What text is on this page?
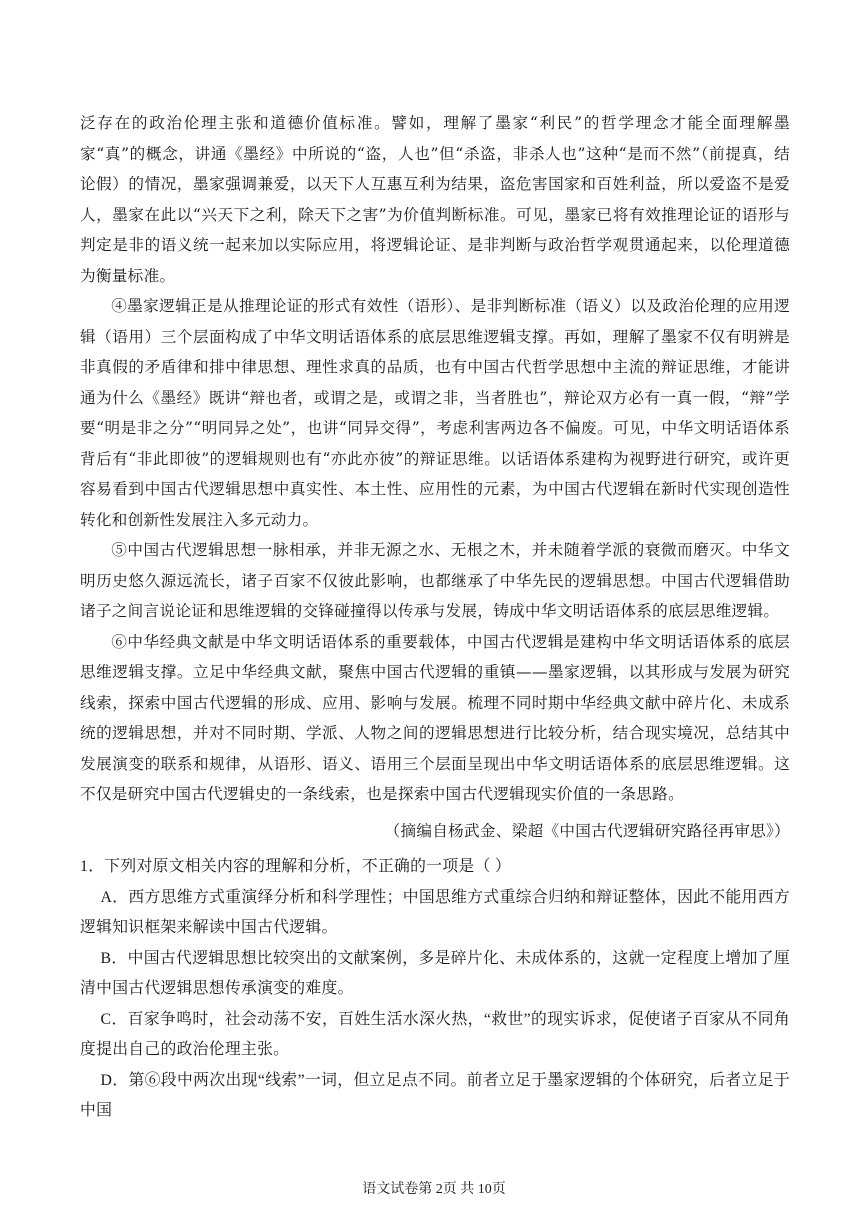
泛存在的政治伦理主张和道德价值标准。譬如，理解了墨家“利民”的哲学理念才能全面理解墨家“真”的概念，讲通《墨经》中所说的“盗，人也”但“杀盗，非杀人也”这种“是而不然”（前提真，结论假）的情况，墨家强调兼爱，以天下人互惠互利为结果，盗危害国家和百姓利益，所以爱盗不是爱人，墨家在此以“兴天下之利，除天下之害”为价值判断标准。可见，墨家已将有效推理论证的语形与判定是非的语义统一起来加以实际应用，将逻辑论证、是非判断与政治哲学观贯通起来，以伦理道德为衡量标准。

④墨家逻辑正是从推理论证的形式有效性（语形）、是非判断标准（语义）以及政治伦理的应用逻辑（语用）三个层面构成了中华文明话语体系的底层思维逻辑支撑。再如，理解了墨家不仅有明辨是非真假的矛盾律和排中律思想、理性求真的品质，也有中国古代哲学思想中主流的辩证思维，才能讲通为什么《墨经》既讲“辩也者，或谓之是，或谓之非，当者胜也”，辩论双方必有一真一假，“辩”学要“明是非之分”“明同异之处”，也讲“同异交得”，考虑利害两边各不偏废。可见，中华文明话语体系背后有“非此即彼”的逻辑规则也有“亦此亦彼”的辩证思维。以话语体系建构为视野进行研究，或许更容易看到中国古代逻辑思想中真实性、本土性、应用性的元素，为中国古代逻辑在新时代实现创造性转化和创新性发展注入多元动力。

⑤中国古代逻辑思想一脉相承，并非无源之水、无根之木，并未随着学派的衰微而磨灭。中华文明历史悠久源远流长，诸子百家不仅彼此影响，也都继承了中华先民的逻辑思想。中国古代逻辑借助诸子之间言说论证和思维逻辑的交锋碰撞得以传承与发展，铸成中华文明话语体系的底层思维逻辑。

⑥中华经典文献是中华文明话语体系的重要载体，中国古代逻辑是建构中华文明话语体系的底层思维逻辑支撑。立足中华经典文献，聚焦中国古代逻辑的重镇——墨家逻辑，以其形成与发展为研究线索，探索中国古代逻辑的形成、应用、影响与发展。梳理不同时期中华经典文献中碎片化、未成系统的逻辑思想，并对不同时期、学派、人物之间的逻辑思想进行比较分析，结合现实境况，总结其中发展演变的联系和规律，从语形、语义、语用三个层面呈现出中华文明话语体系的底层思维逻辑。这不仅是研究中国古代逻辑史的一条线索，也是探索中国古代逻辑现实价值的一条思路。

（摘编自杨武金、梁超《中国古代逻辑研究路径再审思》）

1．下列对原文相关内容的理解和分析，不正确的一项是（ ）

A．西方思维方式重演绎分析和科学理性；中国思维方式重综合归纳和辩证整体，因此不能用西方逻辑知识框架来解读中国古代逻辑。

B．中国古代逻辑思想比较突出的文献案例，多是碎片化、未成体系的，这就一定程度上增加了厘清中国古代逻辑思想传承演变的难度。

C．百家争鸣时，社会动荡不安，百姓生活水深火热，“救世”的现实诉求，促使诸子百家从不同角度提出自己的政治伦理主张。

D．第⑥段中两次出现“线索”一词，但立足点不同。前者立足于墨家逻辑的个体研究，后者立足于中国

语文试卷第 2页 共 10页
